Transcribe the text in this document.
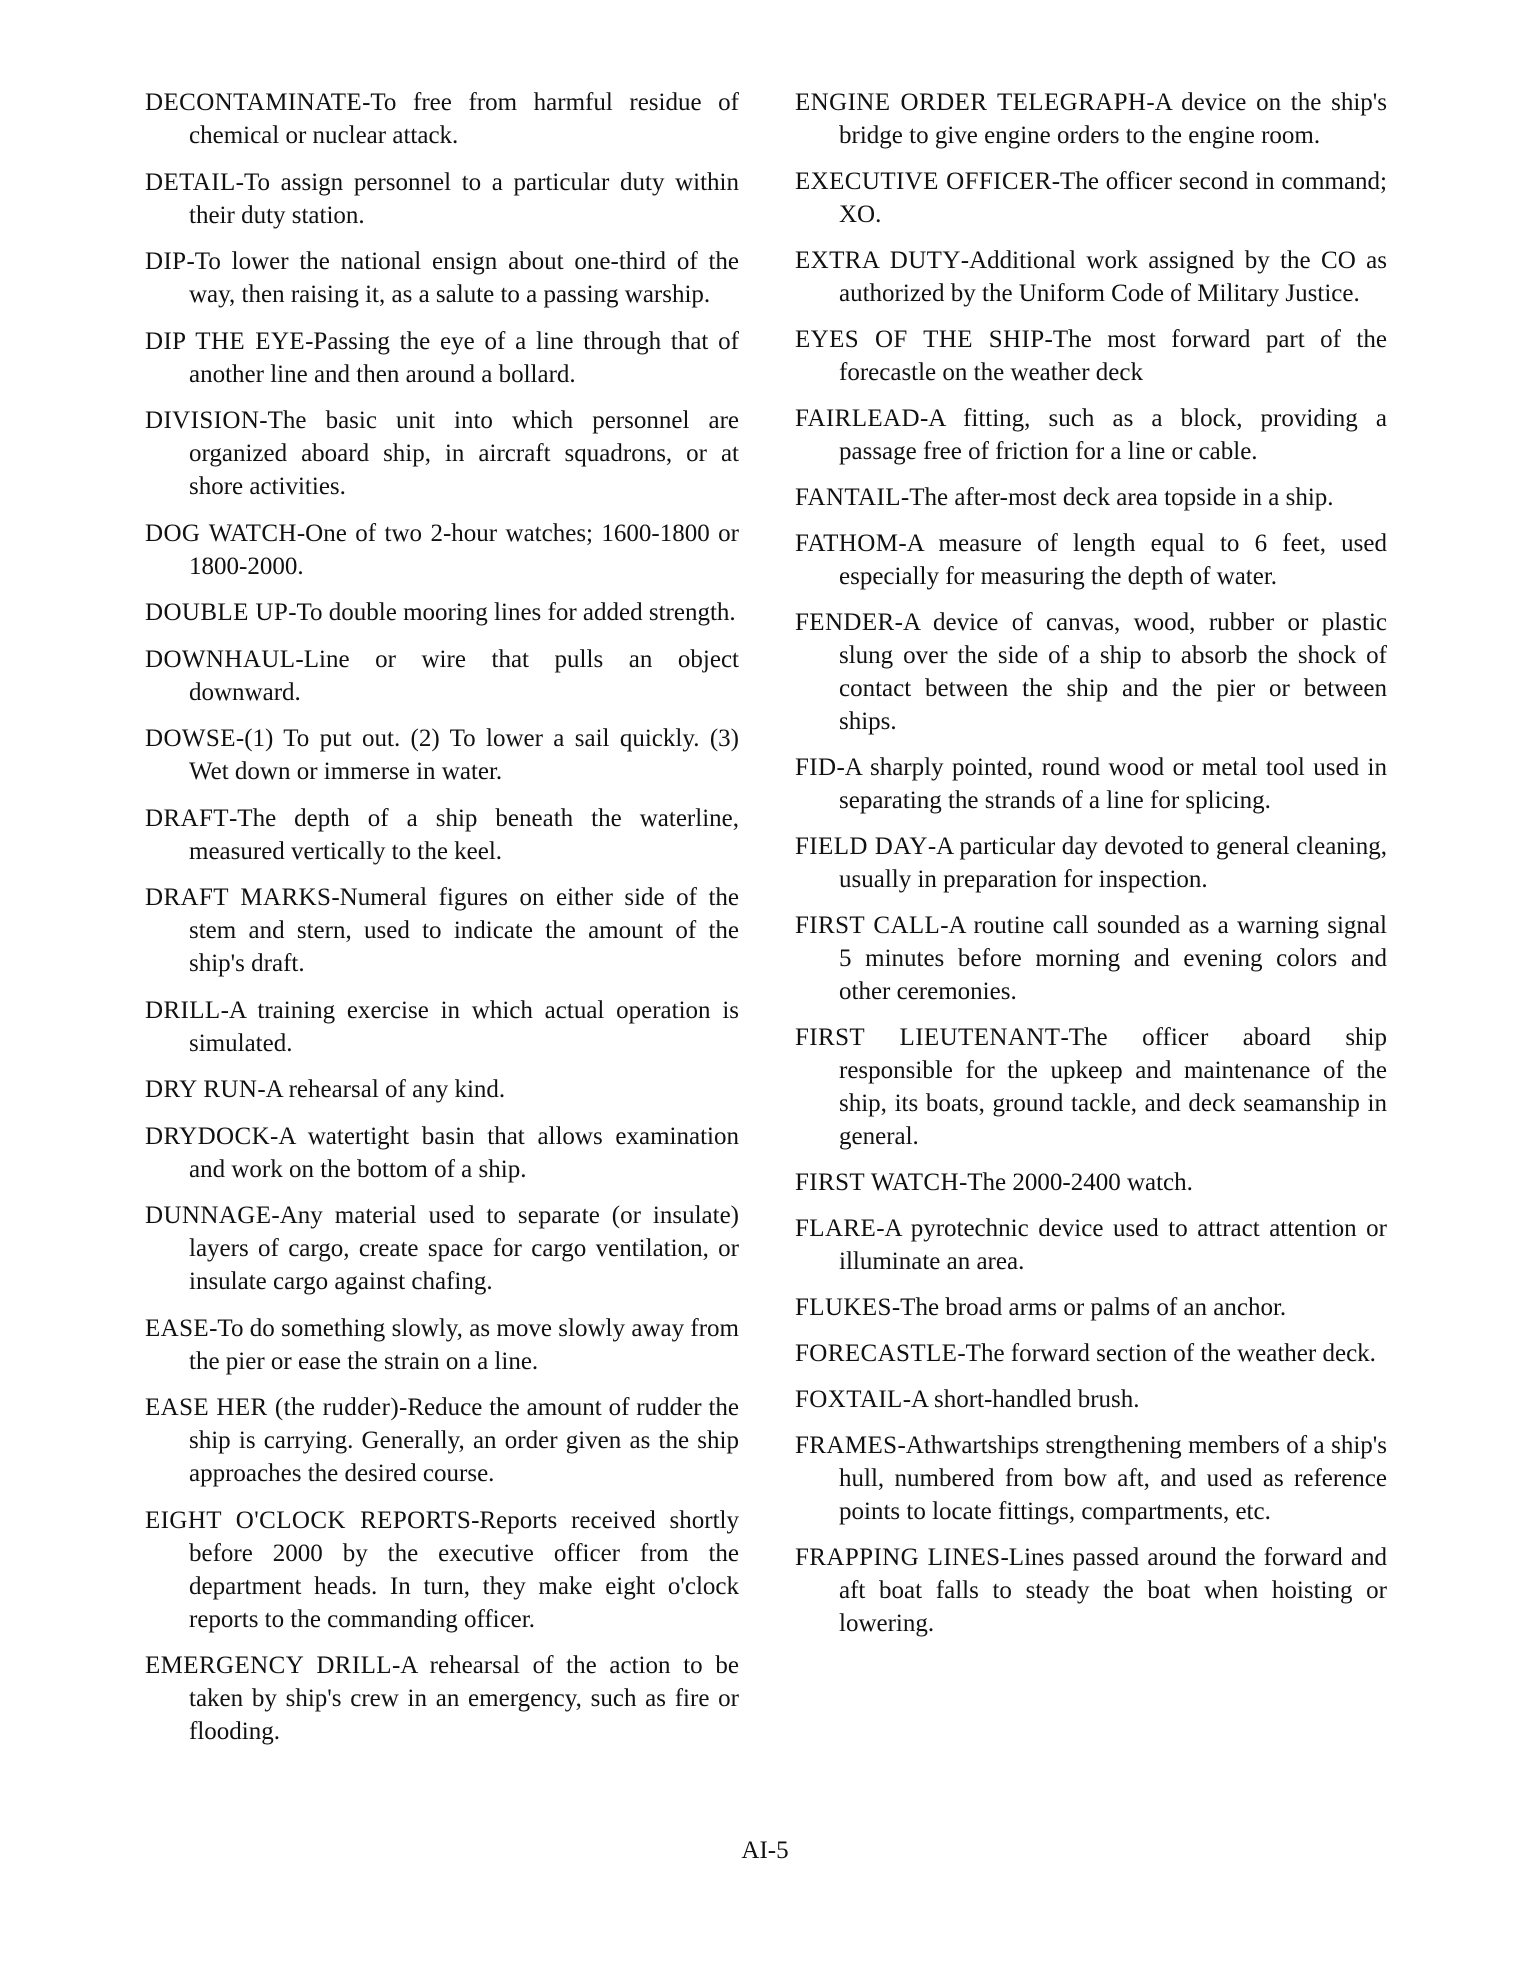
DECONTAMINATE-To free from harmful residue of chemical or nuclear attack.

DETAIL-To assign personnel to a particular duty within their duty station.

DIP-To lower the national ensign about one-third of the way, then raising it, as a salute to a passing warship.

DIP THE EYE-Passing the eye of a line through that of another line and then around a bollard.

DIVISION-The basic unit into which personnel are organized aboard ship, in aircraft squadrons, or at shore activities.

DOG WATCH-One of two 2-hour watches; 1600-1800 or 1800-2000.

DOUBLE UP-To double mooring lines for added strength.

DOWNHAUL-Line or wire that pulls an object downward.

DOWSE-(1) To put out. (2) To lower a sail quickly. (3) Wet down or immerse in water.

DRAFT-The depth of a ship beneath the waterline, measured vertically to the keel.

DRAFT MARKS-Numeral figures on either side of the stem and stern, used to indicate the amount of the ship's draft.

DRILL-A training exercise in which actual operation is simulated.

DRY RUN-A rehearsal of any kind.

DRYDOCK-A watertight basin that allows examination and work on the bottom of a ship.

DUNNAGE-Any material used to separate (or insulate) layers of cargo, create space for cargo ventilation, or insulate cargo against chafing.

EASE-To do something slowly, as move slowly away from the pier or ease the strain on a line.

EASE HER (the rudder)-Reduce the amount of rudder the ship is carrying. Generally, an order given as the ship approaches the desired course.

EIGHT O'CLOCK REPORTS-Reports received shortly before 2000 by the executive officer from the department heads. In turn, they make eight o'clock reports to the commanding officer.

EMERGENCY DRILL-A rehearsal of the action to be taken by ship's crew in an emergency, such as fire or flooding.

ENGINE ORDER TELEGRAPH-A device on the ship's bridge to give engine orders to the engine room.

EXECUTIVE OFFICER-The officer second in command; XO.

EXTRA DUTY-Additional work assigned by the CO as authorized by the Uniform Code of Military Justice.

EYES OF THE SHIP-The most forward part of the forecastle on the weather deck

FAIRLEAD-A fitting, such as a block, providing a passage free of friction for a line or cable.

FANTAIL-The after-most deck area topside in a ship.

FATHOM-A measure of length equal to 6 feet, used especially for measuring the depth of water.

FENDER-A device of canvas, wood, rubber or plastic slung over the side of a ship to absorb the shock of contact between the ship and the pier or between ships.

FID-A sharply pointed, round wood or metal tool used in separating the strands of a line for splicing.

FIELD DAY-A particular day devoted to general cleaning, usually in preparation for inspection.

FIRST CALL-A routine call sounded as a warning signal 5 minutes before morning and evening colors and other ceremonies.

FIRST LIEUTENANT-The officer aboard ship responsible for the upkeep and maintenance of the ship, its boats, ground tackle, and deck seamanship in general.

FIRST WATCH-The 2000-2400 watch.

FLARE-A pyrotechnic device used to attract attention or illuminate an area.

FLUKES-The broad arms or palms of an anchor.

FORECASTLE-The forward section of the weather deck.

FOXTAIL-A short-handled brush.

FRAMES-Athwartships strengthening members of a ship's hull, numbered from bow aft, and used as reference points to locate fittings, compartments, etc.

FRAPPING LINES-Lines passed around the forward and aft boat falls to steady the boat when hoisting or lowering.

AI-5
